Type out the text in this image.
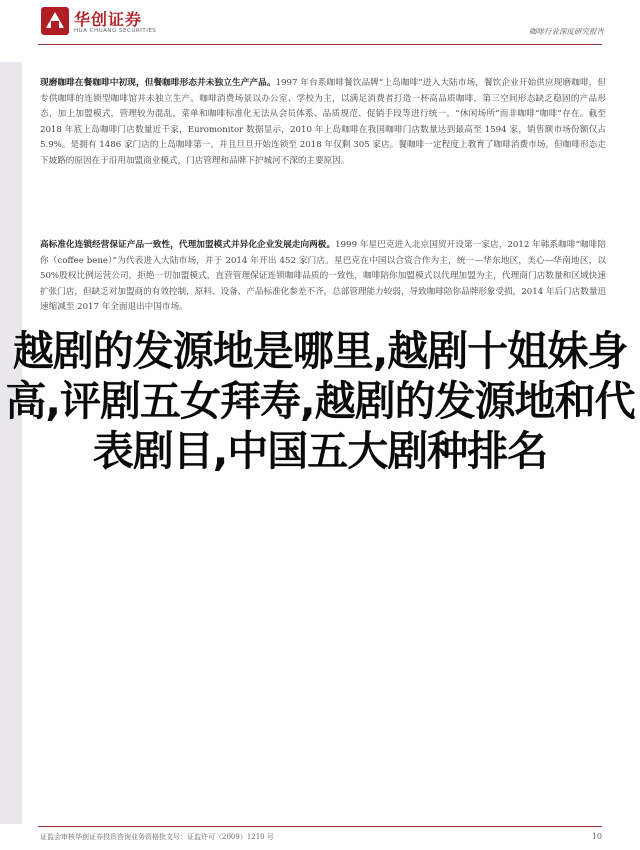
华创证券
HUA CHUANG SECURITIES	咖啡行业深度研究报告
现磨咖啡在餐咖啡中初现，但餐咖啡形态并未独立生产产品。1997 年台系咖啡餐饮品牌“上岛咖啡”进入大陆市场，餐饮企业开始供应现磨咖啡，但专供咖啡的连锁型咖啡馆并未独立生产。咖啡消费场景以办公室、学校为主，以满足消费者打造一杯高品质咖啡，第三空间形态缺乏稳固的产品形态，加上加盟模式，管理较为混乱，菜单和咖啡标准化无法从会员体系、品质规范、促销手段等进行统一。“休闲场所”而非咖啡“咖啡”存在。截至 2018 年底上岛咖啡门店数量近千家，Euromonitor 数据显示，2010 年上岛咖啡在我国咖啡门店数量达到最高至 1594 家，销售额市场份额仅占 5.9%。是拥有 1486 家门店的上岛咖啡第一，并且旦旦开始连锁至 2018 年仅剩 305 家店。餐咖啡一定程度上教育了咖啡消费市场，但咖啡形态走下坡路的原因在于沿用加盟商业模式，门店管理和品牌下护城河不深的主要原因。
高标准化连锁经营保证产品一致性，代理加盟模式并异化企业发展走向两极。1999 年星巴克进入北京国贸开设第一家店，2012 年韩系咖啡“咖啡陪你（coffee bene）”为代表进入大陆市场，并于 2014 年开出 452 家门店。星巴克在中国以合资合作为主，统一—华东地区，美心—华南地区，以 50%股权比例运营公司，拒绝一切加盟模式，直营管理保证连锁咖啡品质的一致性，咖啡陪你加盟模式以代理加盟为主，代理商门店数量和区域快速扩张门店，但缺乏对加盟商的有效控制，原料、设备、产品标准化参差不齐，总部管理能力较弱，导致咖啡陪你品牌形象受损，2014 年后门店数量迅速缩减至 2017 年全面退出中国市场。
越剧的发源地是哪里,越剧十姐妹身高,评剧五女拜寿,越剧的发源地和代表剧目,中国五大剧种排名
证监会审核华创证券投资咨询业务资格批文号：证监许可（2009）1210 号	10
